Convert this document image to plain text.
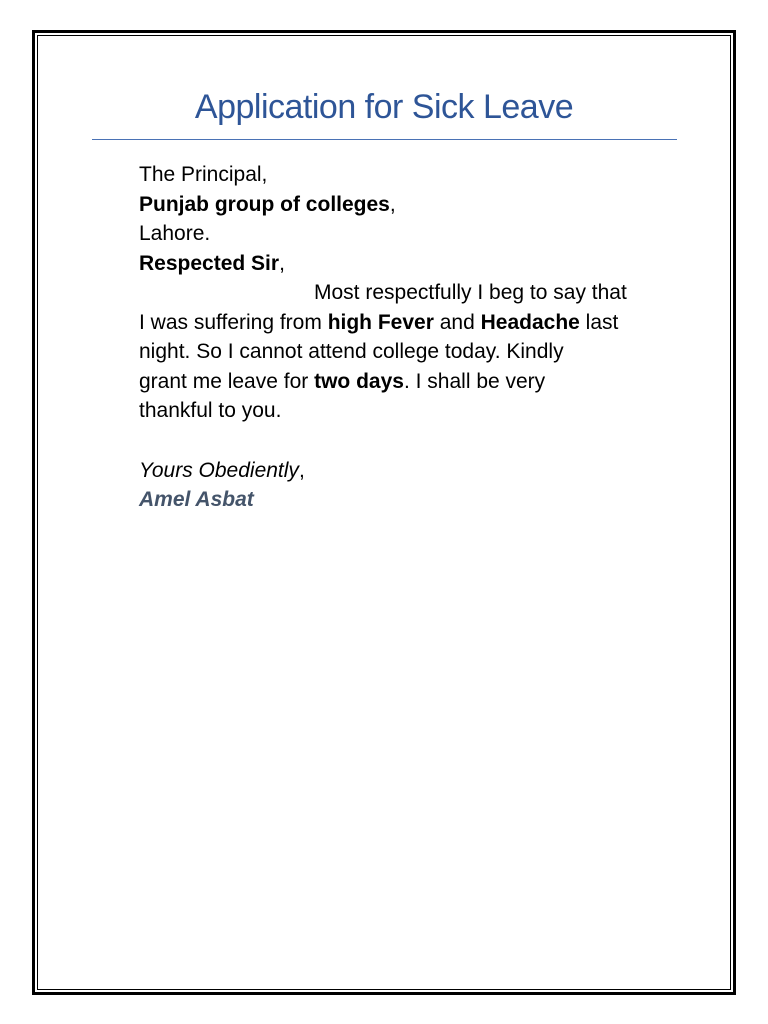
Application for Sick Leave
The Principal,
Punjab group of colleges,
Lahore.
Respected Sir,
Most respectfully I beg to say that
I was suffering from high Fever and Headache last
night. So I cannot attend college today. Kindly
grant me leave for two days. I shall be very
thankful to you.
Yours Obediently,
Amel Asbat
